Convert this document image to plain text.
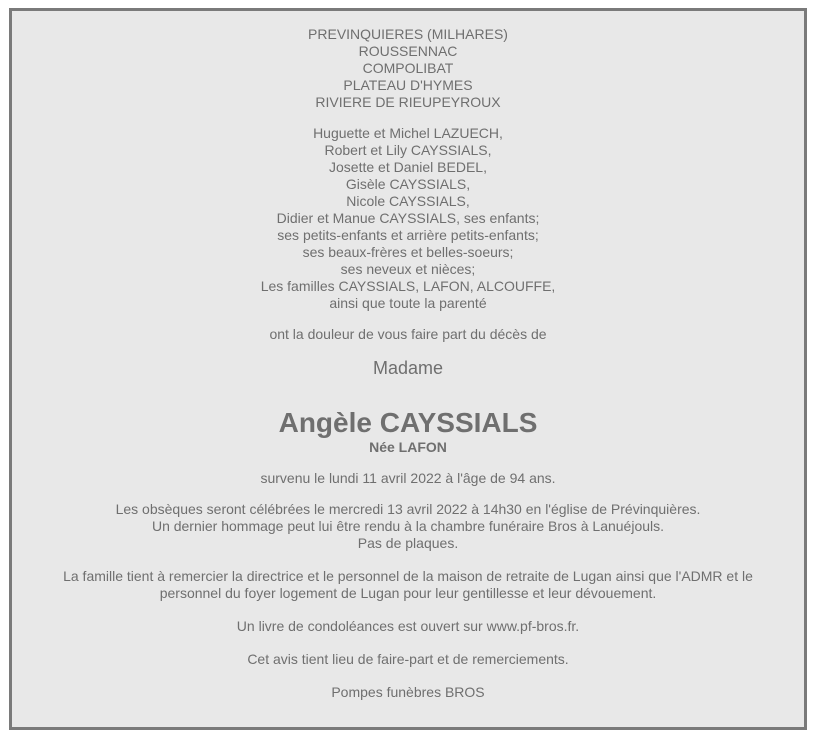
PREVINQUIERES (MILHARES)
ROUSSENNAC
COMPOLIBAT
PLATEAU D'HYMES
RIVIERE DE RIEUPEYROUX
Huguette et Michel LAZUECH,
Robert et Lily CAYSSIALS,
Josette et Daniel BEDEL,
Gisèle CAYSSIALS,
Nicole CAYSSIALS,
Didier et Manue CAYSSIALS, ses enfants;
ses petits-enfants et arrière petits-enfants;
ses beaux-frères et belles-soeurs;
ses neveux et nièces;
Les familles CAYSSIALS, LAFON, ALCOUFFE,
ainsi que toute la parenté
ont la douleur de vous faire part du décès de
Madame
Angèle CAYSSIALS
Née LAFON
survenu le lundi 11 avril 2022 à l'âge de 94 ans.
Les obsèques seront célébrées le mercredi 13 avril 2022 à 14h30 en l'église de Prévinquières.
Un dernier hommage peut lui être rendu à la chambre funéraire Bros à Lanuéjouls.
Pas de plaques.
La famille tient à remercier la directrice et le personnel de la maison de retraite de Lugan ainsi que l'ADMR et le
personnel du foyer logement de Lugan pour leur gentillesse et leur dévouement.
Un livre de condoléances est ouvert sur www.pf-bros.fr.
Cet avis tient lieu de faire-part et de remerciements.
Pompes funèbres BROS
